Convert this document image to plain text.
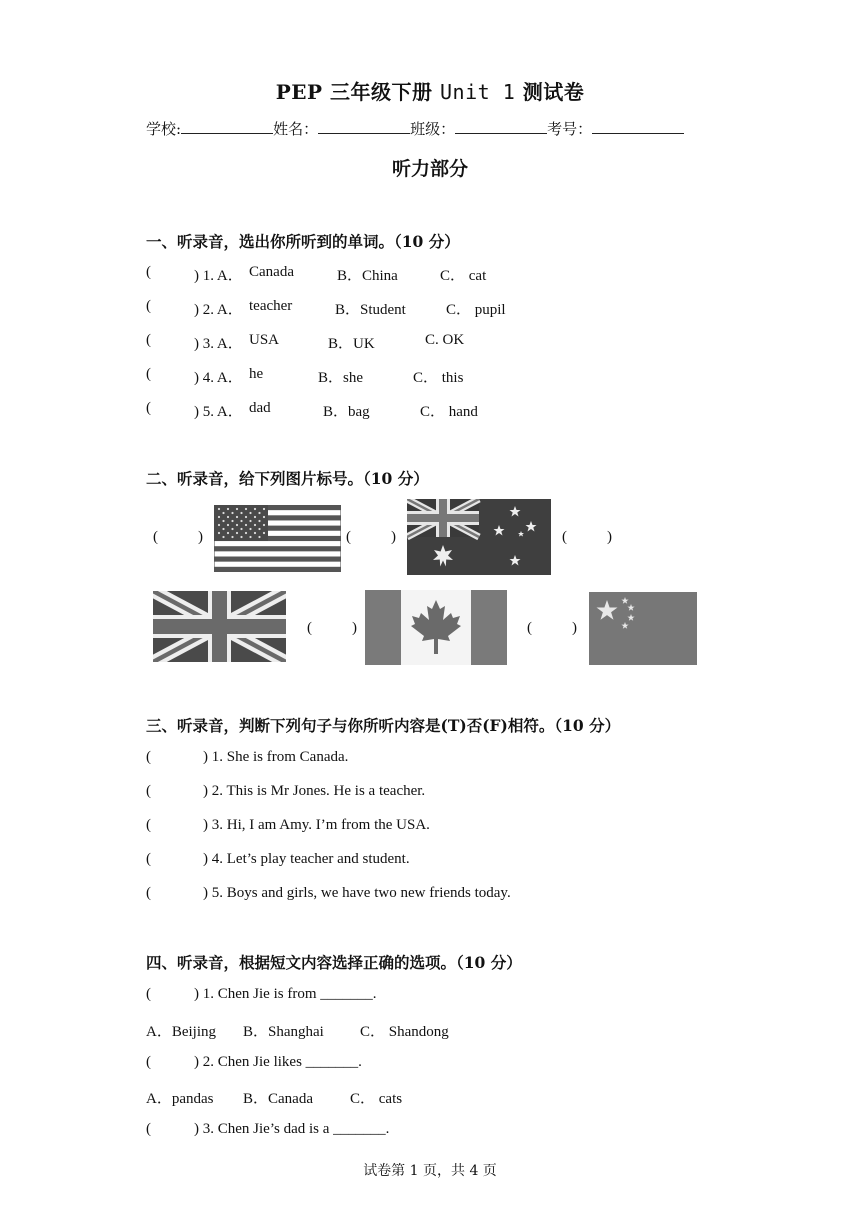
PEP 三年级下册 Unit 1 测试卷
学校:	姓名：	班级：	考号：
听力部分
一、听录音，选出你所听到的单词。（10 分）
(	) 1. A． Canada	B．China	C． cat
(	) 2. A． teacher	B．Student	C． pupil
(	) 3. A． USA	B．UK	C. OK
(	) 4. A． he	B．she	C． this
(	) 5. A． dad	B．bag	C． hand
二、听录音，给下列图片标号。（10 分）
(	)	(	)	(	)
(	)	(	)
三、听录音，判断下列句子与你所听内容是(T)否(F)相符。（10 分）
(	) 1. She is from Canada.
(	) 2. This is Mr Jones. He is a teacher.
(	) 3. Hi, I am Amy. I’m from the USA.
(	) 4. Let’s play teacher and student.
(	) 5. Boys and girls, we have two new friends today.
四、听录音，根据短文内容选择正确的选项。（10 分）
(	) 1. Chen Jie is from _______.
A．Beijing B．Shanghai C． Shandong
(	) 2. Chen Jie likes _______.
A．pandas B．Canada C． cats
(	) 3. Chen Jie’s dad is a _______.
试卷第 1 页，共 4 页
